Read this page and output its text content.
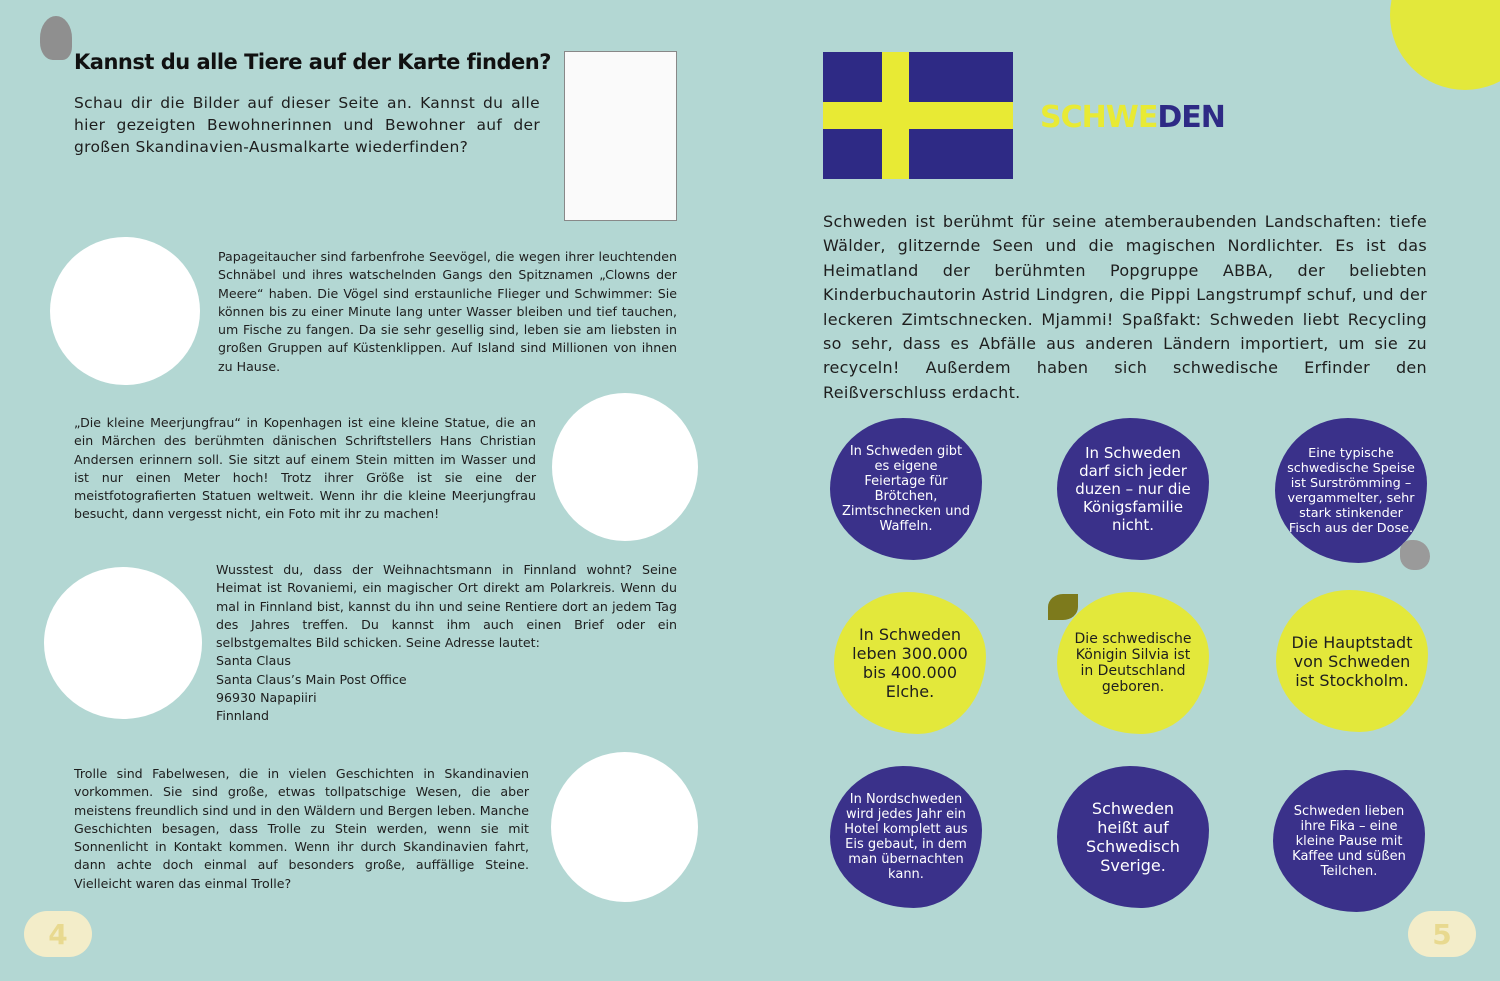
Kannst du alle Tiere auf der Karte finden?
Schau dir die Bilder auf dieser Seite an. Kannst du alle hier gezeigten Bewohnerinnen und Bewohner auf der großen Skandinavien-Ausmalkarte wiederfinden?
Papageitaucher sind farbenfrohe Seevögel, die wegen ihrer leuchtenden Schnäbel und ihres watschelnden Gangs den Spitznamen „Clowns der Meere“ haben. Die Vögel sind erstaunliche Flieger und Schwimmer: Sie können bis zu einer Minute lang unter Wasser bleiben und tief tauchen, um Fische zu fangen. Da sie sehr gesellig sind, leben sie am liebsten in großen Gruppen auf Küstenklippen. Auf Island sind Millionen von ihnen zu Hause.
„Die kleine Meerjungfrau“ in Kopenhagen ist eine kleine Statue, die an ein Märchen des berühmten dänischen Schriftstellers Hans Christian Andersen erinnern soll. Sie sitzt auf einem Stein mitten im Wasser und ist nur einen Meter hoch! Trotz ihrer Größe ist sie eine der meistfotografierten Statuen weltweit. Wenn ihr die kleine Meerjungfrau besucht, dann vergesst nicht, ein Foto mit ihr zu machen!
Wusstest du, dass der Weihnachtsmann in Finnland wohnt? Seine Heimat ist Rovaniemi, ein magischer Ort direkt am Polarkreis. Wenn du mal in Finnland bist, kannst du ihn und seine Rentiere dort an jedem Tag des Jahres treffen. Du kannst ihm auch einen Brief oder ein selbstgemaltes Bild schicken. Seine Adresse lautet:
Santa Claus
Santa Claus’s Main Post Office
96930 Napapiiri
Finnland
Trolle sind Fabelwesen, die in vielen Geschichten in Skandinavien vorkommen. Sie sind große, etwas tollpatschige Wesen, die aber meistens freundlich sind und in den Wäldern und Bergen leben. Manche Geschichten besagen, dass Trolle zu Stein werden, wenn sie mit Sonnenlicht in Kontakt kommen. Wenn ihr durch Skandinavien fahrt, dann achte doch einmal auf besonders große, auffällige Steine. Vielleicht waren das einmal Trolle?
4
SCHWEDEN
Schweden ist berühmt für seine atemberaubenden Landschaften: tiefe Wälder, glitzernde Seen und die magischen Nordlichter. Es ist das Heimatland der berühmten Popgruppe ABBA, der beliebten Kinderbuchautorin Astrid Lindgren, die Pippi Langstrumpf schuf, und der leckeren Zimtschnecken. Mjammi! Spaßfakt: Schweden liebt Recycling so sehr, dass es Abfälle aus anderen Ländern importiert, um sie zu recyceln! Außerdem haben sich schwedische Erfinder den Reißverschluss erdacht.
In Schweden gibt es eigene Feiertage für Brötchen, Zimtschnecken und Waffeln.
In Schweden darf sich jeder duzen – nur die Königsfamilie nicht.
Eine typische schwedische Speise ist Surströmming – vergammelter, sehr stark stinkender Fisch aus der Dose.
In Schweden leben 300.000 bis 400.000 Elche.
Die schwedische Königin Silvia ist in Deutschland geboren.
Die Hauptstadt von Schweden ist Stockholm.
In Nordschweden wird jedes Jahr ein Hotel komplett aus Eis gebaut, in dem man übernachten kann.
Schweden heißt auf Schwedisch Sverige.
Schweden lieben ihre Fika – eine kleine Pause mit Kaffee und süßen Teilchen.
5
